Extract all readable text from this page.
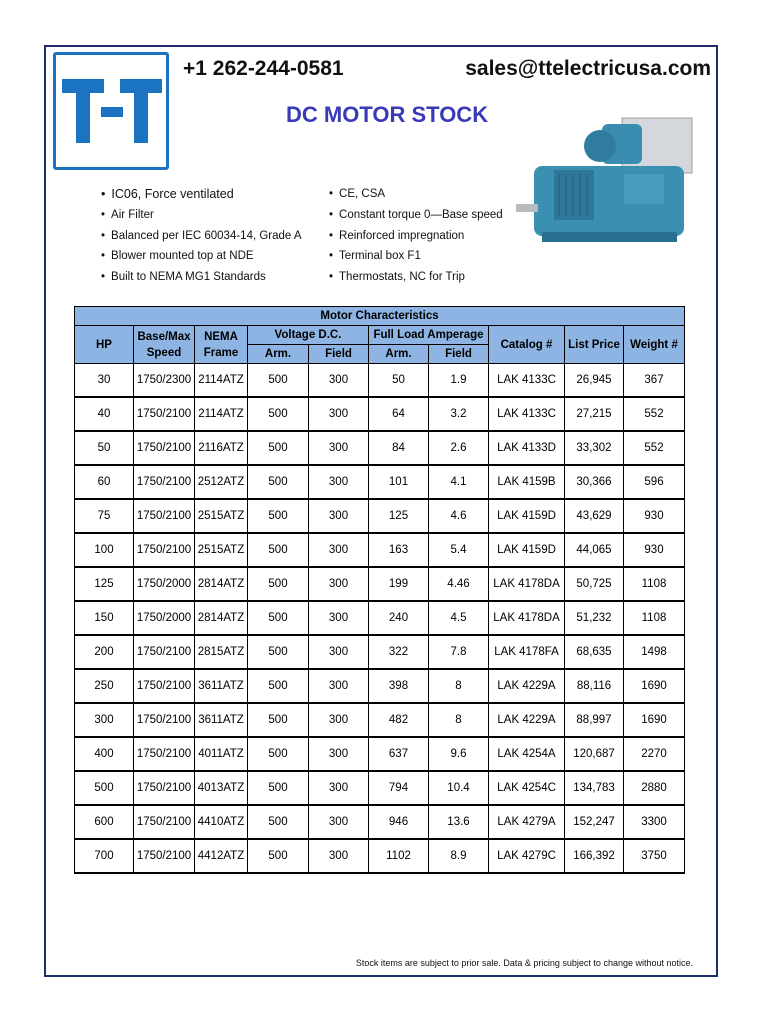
+1 262-244-0581	sales@ttelectricusa.com
DC MOTOR STOCK
• IC06, Force ventilated
• Air Filter
• Balanced per IEC 60034-14, Grade A
• Blower mounted top at NDE
• Built to NEMA MG1 Standards
• CE, CSA
• Constant torque 0—Base speed
• Reinforced impregnation
• Terminal box F1
• Thermostats, NC for Trip
Motor Characteristics									
HP	Base/Max Speed	NEMA Frame	Voltage D.C.		Full Load Amperage		Catalog #	List Price	Weight #
			Arm.	Field	Arm.	Field			
30	1750/2300	2114ATZ	500	300	50	1.9	LAK 4133C	26,945	367
40	1750/2100	2114ATZ	500	300	64	3.2	LAK 4133C	27,215	552
50	1750/2100	2116ATZ	500	300	84	2.6	LAK 4133D	33,302	552
60	1750/2100	2512ATZ	500	300	101	4.1	LAK 4159B	30,366	596
75	1750/2100	2515ATZ	500	300	125	4.6	LAK 4159D	43,629	930
100	1750/2100	2515ATZ	500	300	163	5.4	LAK 4159D	44,065	930
125	1750/2000	2814ATZ	500	300	199	4.46	LAK 4178DA	50,725	1108
150	1750/2000	2814ATZ	500	300	240	4.5	LAK 4178DA	51,232	1108
200	1750/2100	2815ATZ	500	300	322	7.8	LAK 4178FA	68,635	1498
250	1750/2100	3611ATZ	500	300	398	8	LAK 4229A	88,116	1690
300	1750/2100	3611ATZ	500	300	482	8	LAK 4229A	88,997	1690
400	1750/2100	4011ATZ	500	300	637	9.6	LAK 4254A	120,687	2270
500	1750/2100	4013ATZ	500	300	794	10.4	LAK 4254C	134,783	2880
600	1750/2100	4410ATZ	500	300	946	13.6	LAK 4279A	152,247	3300
700	1750/2100	4412ATZ	500	300	1102	8.9	LAK 4279C	166,392	3750
Stock items are subject to prior sale. Data & pricing subject to change without notice.
